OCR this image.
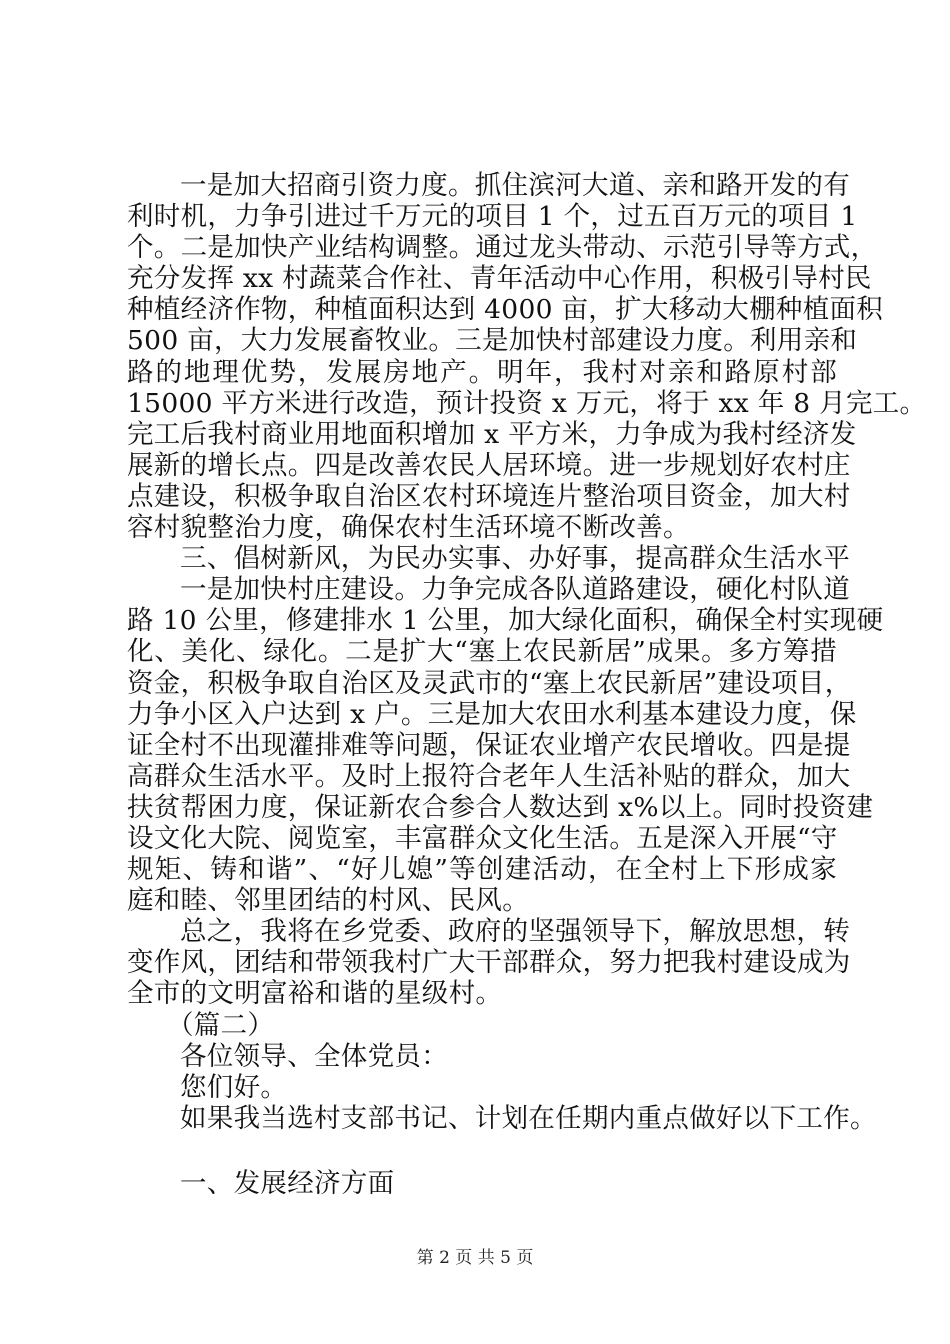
一是加大招商引资力度。抓住滨河大道、亲和路开发的有
利时机，力争引进过千万元的项目 1 个，过五百万元的项目 1
个。二是加快产业结构调整。通过龙头带动、示范引导等方式，
充分发挥 xx 村蔬菜合作社、青年活动中心作用，积极引导村民
种植经济作物，种植面积达到 4000 亩，扩大移动大棚种植面积
500 亩，大力发展畜牧业。三是加快村部建设力度。利用亲和
路的地理优势，发展房地产。明年，我村对亲和路原村部
15000 平方米进行改造，预计投资 x 万元，将于 xx 年 8 月完工。
完工后我村商业用地面积增加 x 平方米，力争成为我村经济发
展新的增长点。四是改善农民人居环境。进一步规划好农村庄
点建设，积极争取自治区农村环境连片整治项目资金，加大村
容村貌整治力度，确保农村生活环境不断改善。
三、倡树新风，为民办实事、办好事，提高群众生活水平
一是加快村庄建设。力争完成各队道路建设，硬化村队道
路 10 公里，修建排水 1 公里，加大绿化面积，确保全村实现硬
化、美化、绿化。二是扩大“塞上农民新居”成果。多方筹措
资金，积极争取自治区及灵武市的“塞上农民新居”建设项目，
力争小区入户达到 x 户。三是加大农田水利基本建设力度，保
证全村不出现灌排难等问题，保证农业增产农民增收。四是提
高群众生活水平。及时上报符合老年人生活补贴的群众，加大
扶贫帮困力度，保证新农合参合人数达到 x%以上。同时投资建
设文化大院、阅览室，丰富群众文化生活。五是深入开展“守
规矩、铸和谐”、“好儿媳”等创建活动，在全村上下形成家
庭和睦、邻里团结的村风、民风。
总之，我将在乡党委、政府的坚强领导下，解放思想，转
变作风，团结和带领我村广大干部群众，努力把我村建设成为
全市的文明富裕和谐的星级村。
（篇二）
各位领导、全体党员：
您们好。
如果我当选村支部书记、计划在任期内重点做好以下工作。
一、发展经济方面
第 2 页 共 5 页
